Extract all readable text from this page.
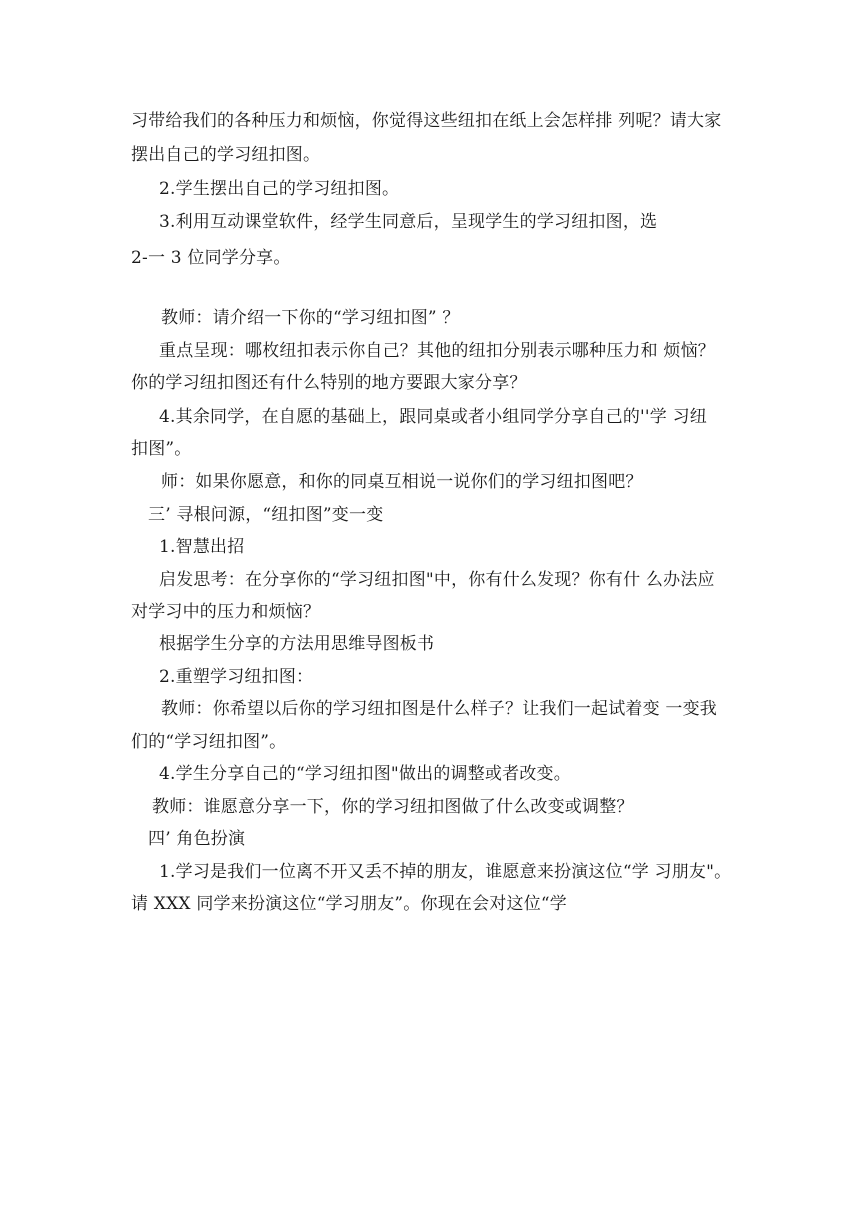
习带给我们的各种压力和烦恼，你觉得这些纽扣在纸上会怎样排 列呢？请大家
摆出自己的学习纽扣图。
2.学生摆出自己的学习纽扣图。
3.利用互动课堂软件，经学生同意后，呈现学生的学习纽扣图，选
2-一 3 位同学分享。
教师：请介绍一下你的“学习纽扣图” ？
重点呈现：哪枚纽扣表示你自己？其他的纽扣分别表示哪种压力和 烦恼？
你的学习纽扣图还有什么特别的地方要跟大家分享？
4.其余同学，在自愿的基础上，跟同桌或者小组同学分享自己的''学 习纽
扣图”。
师：如果你愿意，和你的同桌互相说一说你们的学习纽扣图吧？
三’ 寻根问源，“纽扣图”变一变
1.智慧出招
启发思考：在分享你的“学习纽扣图"中，你有什么发现？你有什 么办法应
对学习中的压力和烦恼？
根据学生分享的方法用思维导图板书
2.重塑学习纽扣图：
教师：你希望以后你的学习纽扣图是什么样子？让我们一起试着变 一变我
们的“学习纽扣图”。
4.学生分享自己的“学习纽扣图"做出的调整或者改变。
教师：谁愿意分享一下，你的学习纽扣图做了什么改变或调整？
四’ 角色扮演
1.学习是我们一位离不开又丢不掉的朋友，谁愿意来扮演这位“学 习朋友"。
请 XXX 同学来扮演这位“学习朋友”。你现在会对这位“学
